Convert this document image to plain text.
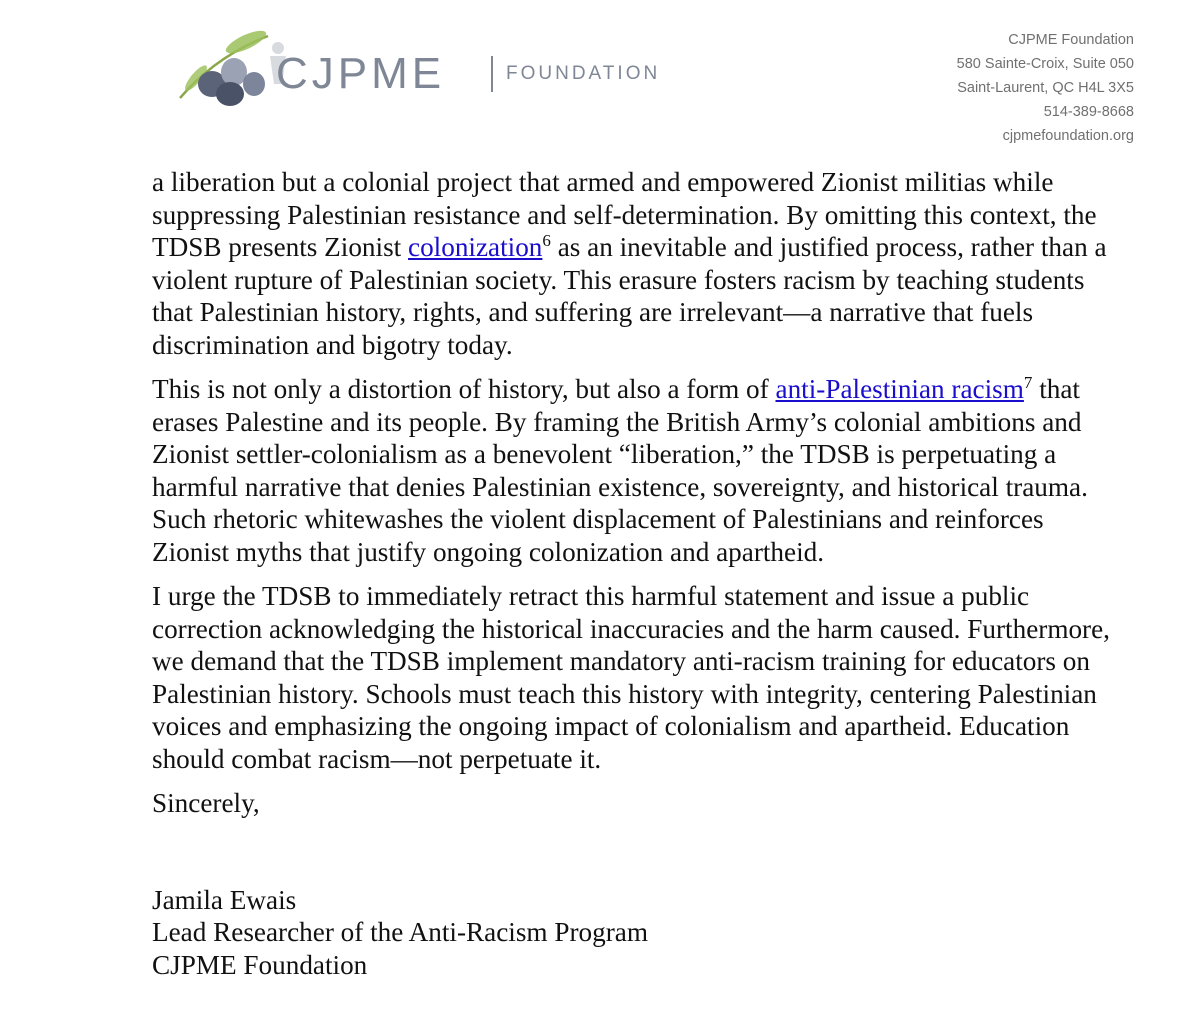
CJPME	FOUNDATION
CJPME Foundation
580 Sainte-Croix, Suite 050
Saint-Laurent, QC H4L 3X5
514-389-8668
cjpmefoundation.org

a liberation but a colonial project that armed and empowered Zionist militias while suppressing Palestinian resistance and self-determination. By omitting this context, the TDSB presents Zionist colonization$^6$ as an inevitable and justified process, rather than a violent rupture of Palestinian society. This erasure fosters racism by teaching students that Palestinian history, rights, and suffering are irrelevant—a narrative that fuels discrimination and bigotry today.

This is not only a distortion of history, but also a form of anti-Palestinian racism$^7$ that erases Palestine and its people. By framing the British Army’s colonial ambitions and Zionist settler-colonialism as a benevolent “liberation,” the TDSB is perpetuating a harmful narrative that denies Palestinian existence, sovereignty, and historical trauma. Such rhetoric whitewashes the violent displacement of Palestinians and reinforces Zionist myths that justify ongoing colonization and apartheid.

I urge the TDSB to immediately retract this harmful statement and issue a public correction acknowledging the historical inaccuracies and the harm caused. Furthermore, we demand that the TDSB implement mandatory anti-racism training for educators on Palestinian history. Schools must teach this history with integrity, centering Palestinian voices and emphasizing the ongoing impact of colonialism and apartheid. Education should combat racism—not perpetuate it.

Sincerely,

Jamila Ewais
Lead Researcher of the Anti-Racism Program
CJPME Foundation
